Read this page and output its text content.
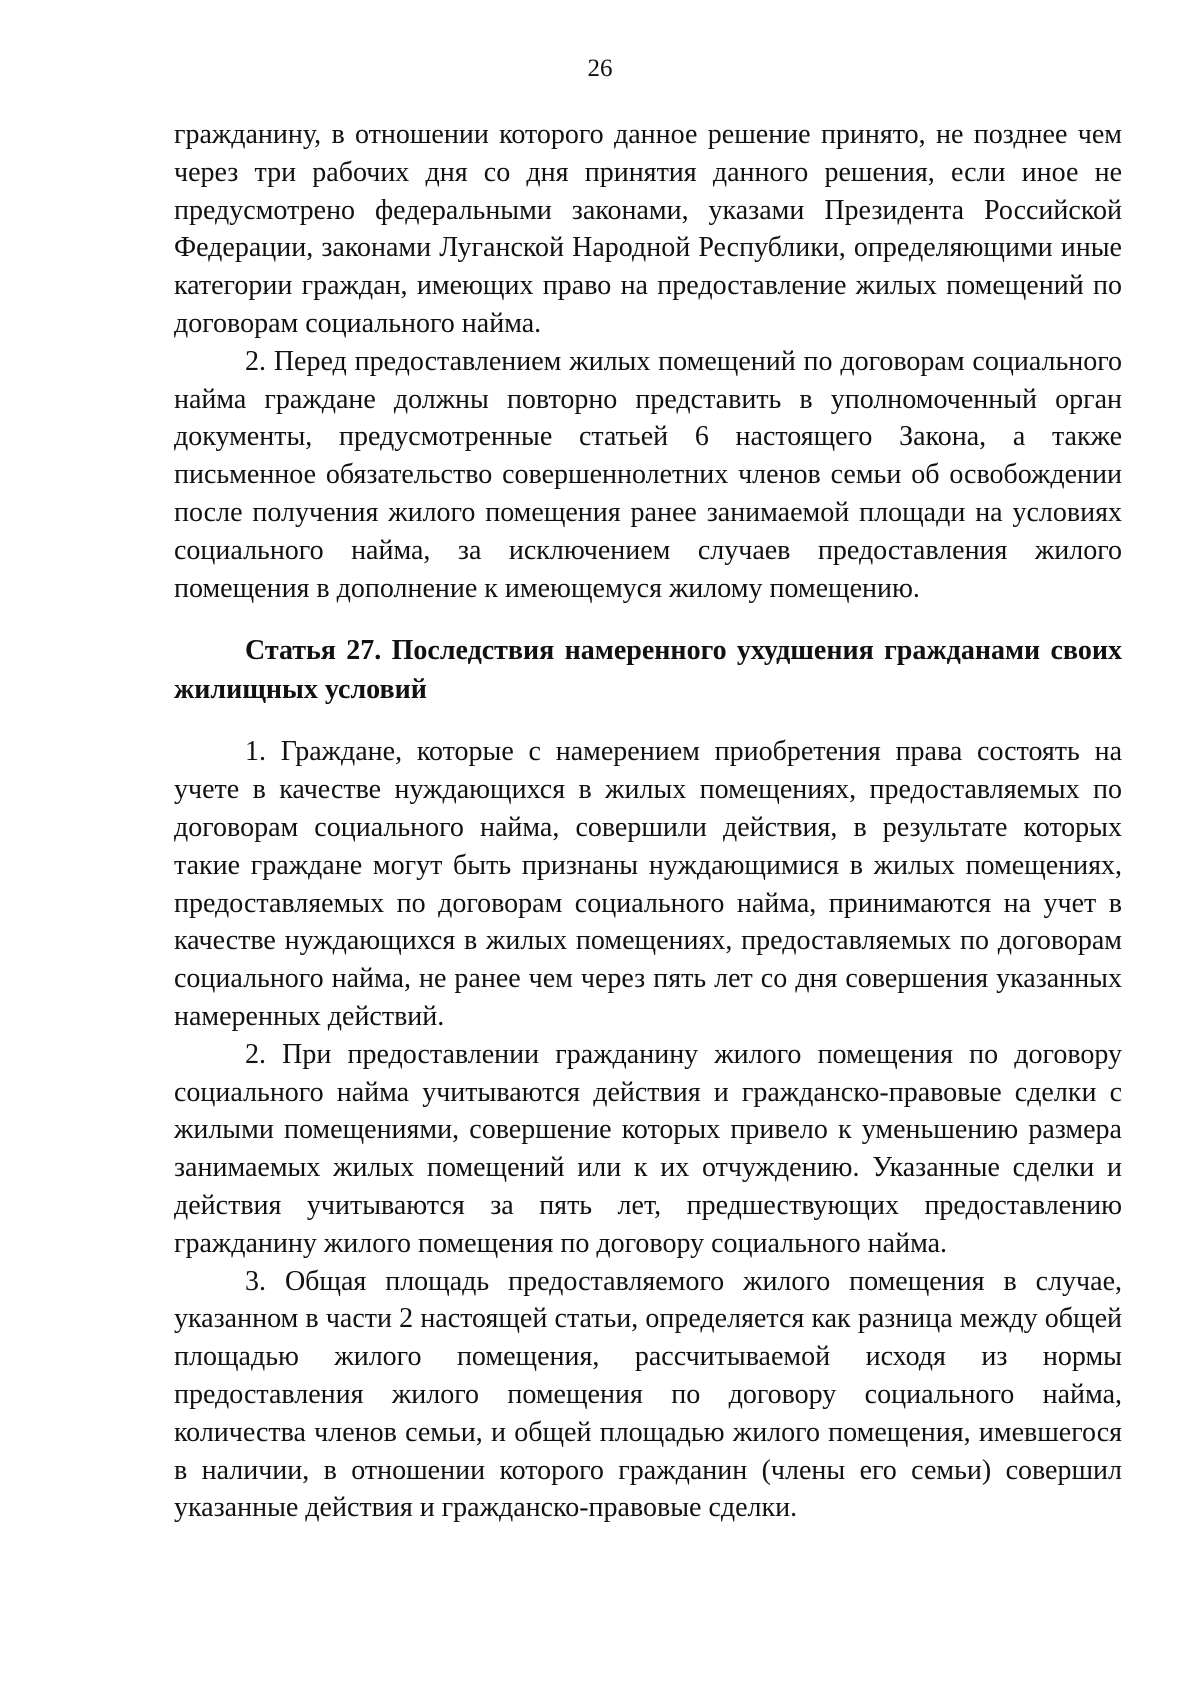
26

гражданину, в отношении которого данное решение принято, не позднее чем через три рабочих дня со дня принятия данного решения, если иное не предусмотрено федеральными законами, указами Президента Российской Федерации, законами Луганской Народной Республики, определяющими иные категории граждан, имеющих право на предоставление жилых помещений по договорам социального найма.

2. Перед предоставлением жилых помещений по договорам социального найма граждане должны повторно представить в уполномоченный орган документы, предусмотренные статьей 6 настоящего Закона, а также письменное обязательство совершеннолетних членов семьи об освобождении после получения жилого помещения ранее занимаемой площади на условиях социального найма, за исключением случаев предоставления жилого помещения в дополнение к имеющемуся жилому помещению.

Статья 27. Последствия намеренного ухудшения гражданами своих жилищных условий

1. Граждане, которые с намерением приобретения права состоять на учете в качестве нуждающихся в жилых помещениях, предоставляемых по договорам социального найма, совершили действия, в результате которых такие граждане могут быть признаны нуждающимися в жилых помещениях, предоставляемых по договорам социального найма, принимаются на учет в качестве нуждающихся в жилых помещениях, предоставляемых по договорам социального найма, не ранее чем через пять лет со дня совершения указанных намеренных действий.

2. При предоставлении гражданину жилого помещения по договору социального найма учитываются действия и гражданско-правовые сделки с жилыми помещениями, совершение которых привело к уменьшению размера занимаемых жилых помещений или к их отчуждению. Указанные сделки и действия учитываются за пять лет, предшествующих предоставлению гражданину жилого помещения по договору социального найма.

3. Общая площадь предоставляемого жилого помещения в случае, указанном в части 2 настоящей статьи, определяется как разница между общей площадью жилого помещения, рассчитываемой исходя из нормы предоставления жилого помещения по договору социального найма, количества членов семьи, и общей площадью жилого помещения, имевшегося в наличии, в отношении которого гражданин (члены его семьи) совершил указанные действия и гражданско-правовые сделки.
